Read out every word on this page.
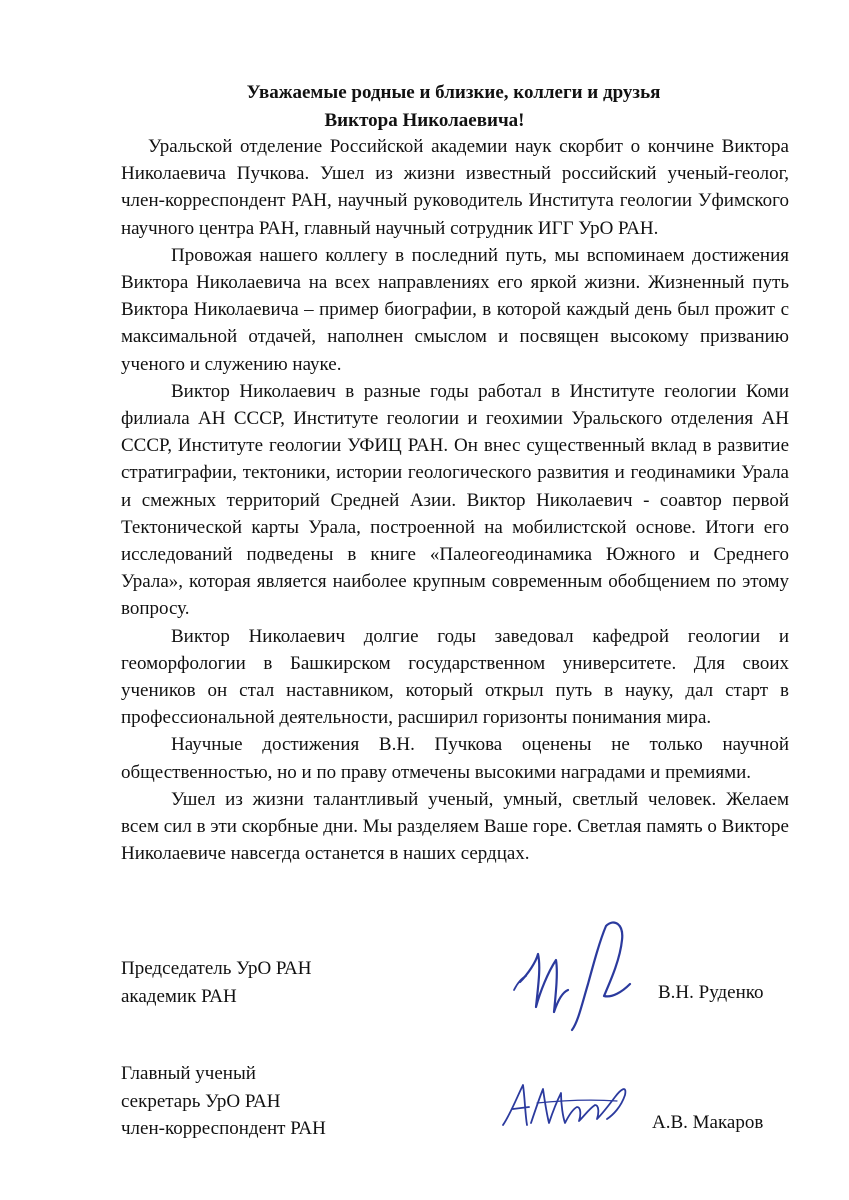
Уважаемые родные и близкие, коллеги и друзья
Виктора Николаевича!

Уральской отделение Российской академии наук скорбит о кончине Виктора Николаевича Пучкова. Ушел из жизни известный российский ученый-геолог, член-корреспондент РАН, научный руководитель Института геологии Уфимского научного центра РАН, главный научный сотрудник ИГГ УрО РАН.

Провожая нашего коллегу в последний путь, мы вспоминаем достижения Виктора Николаевича на всех направлениях его яркой жизни. Жизненный путь Виктора Николаевича – пример биографии, в которой каждый день был прожит с максимальной отдачей, наполнен смыслом и посвящен высокому призванию ученого и служению науке.

Виктор Николаевич в разные годы работал в Институте геологии Коми филиала АН СССР, Институте геологии и геохимии Уральского отделения АН СССР, Институте геологии УФИЦ РАН. Он внес существенный вклад в развитие стратиграфии, тектоники, истории геологического развития и геодинамики Урала и смежных территорий Средней Азии. Виктор Николаевич - соавтор первой Тектонической карты Урала, построенной на мобилистской основе. Итоги его исследований подведены в книге «Палеогеодинамика Южного и Среднего Урала», которая является наиболее крупным современным обобщением по этому вопросу.

Виктор Николаевич долгие годы заведовал кафедрой геологии и геоморфологии в Башкирском государственном университете. Для своих учеников он стал наставником, который открыл путь в науку, дал старт в профессиональной деятельности, расширил горизонты понимания мира.

Научные достижения В.Н. Пучкова оценены не только научной общественностью, но и по праву отмечены высокими наградами и премиями.

Ушел из жизни талантливый ученый, умный, светлый человек. Желаем всем сил в эти скорбные дни. Мы разделяем Ваше горе. Светлая память о Викторе Николаевиче навсегда останется в наших сердцах.

Председатель УрО РАН
академик РАН	В.Н. Руденко
Главный ученый
секретарь УрО РАН
член-корреспондент РАН	А.В. Макаров
